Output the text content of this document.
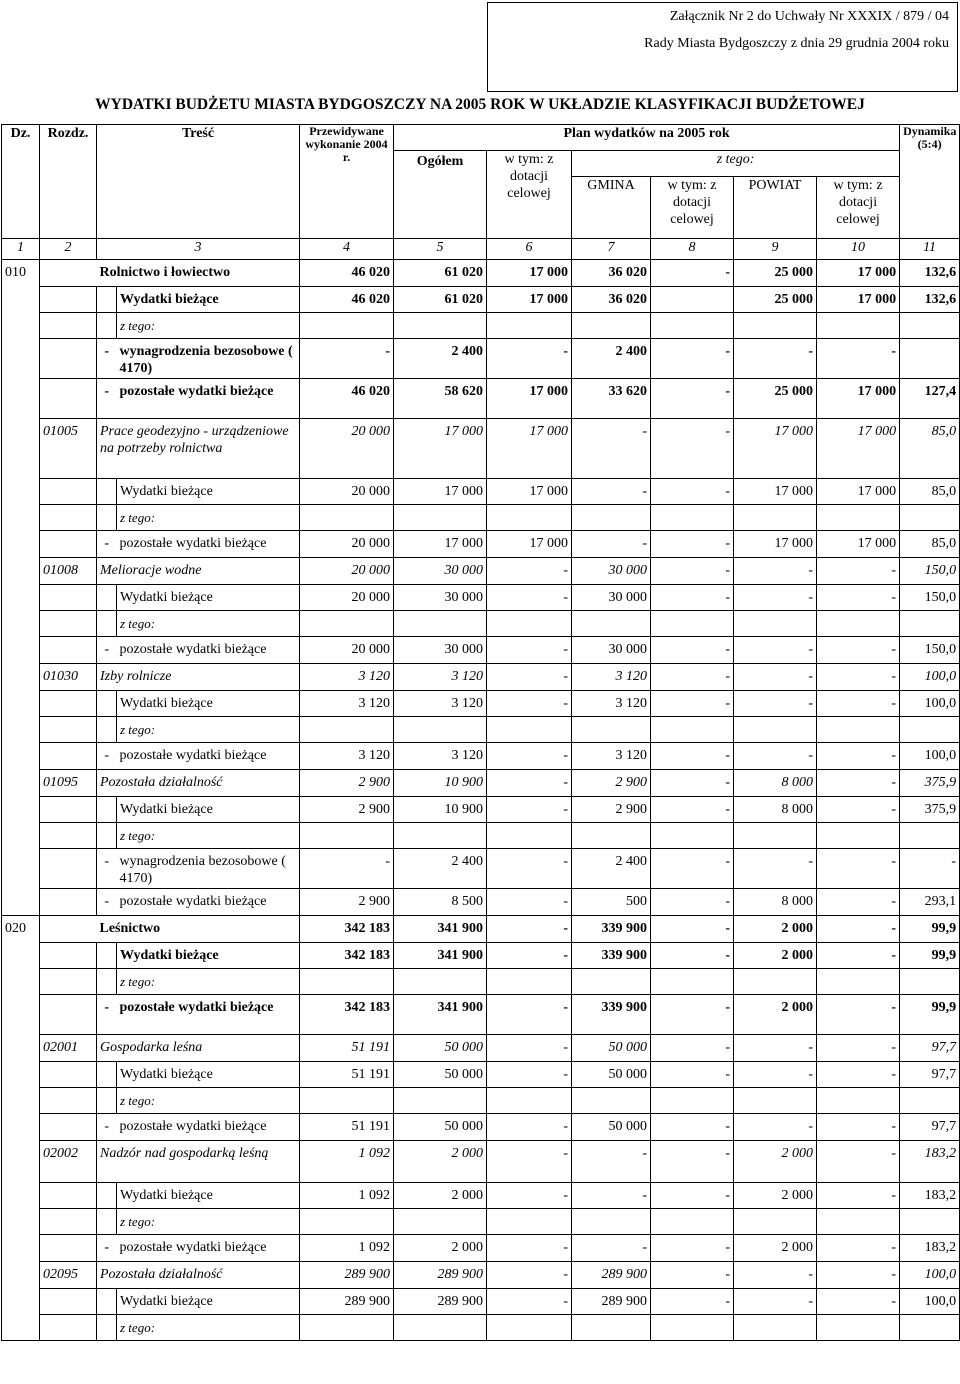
Załącznik Nr 2 do Uchwały Nr XXXIX / 879 / 04
Rady Miasta Bydgoszczy z dnia 29 grudnia 2004 roku
WYDATKI BUDŻETU MIASTA BYDGOSZCZY NA 2005 ROK W UKŁADZIE KLASYFIKACJI BUDŻETOWEJ
Dz.	Rozdz.	Treść		Przewidywane wykonanie 2004 r.	Plan wydatków na 2005 rok						Dynamika (5:4)
					Ogółem	w tym: z dotacji celowej	z tego:				
							GMINA	w tym: z dotacji celowej	POWIAT	w tym: z dotacji celowej	
1	2	3		4	5	6	7	8	9	10	11
010		Rolnictwo i łowiectwo		46 020	61 020	17 000	36 020	-	25 000	17 000	132,6
			Wydatki bieżące	46 020	61 020	17 000	36 020		25 000	17 000	132,6
			z tego:								
		-	wynagrodzenia bezosobowe ( 4170)	-	2 400	-	2 400	-	-	-	
		-	pozostałe wydatki bieżące	46 020	58 620	17 000	33 620	-	25 000	17 000	127,4
	01005	Prace geodezyjno - urządzeniowe na potrzeby rolnictwa		20 000	17 000	17 000	-	-	17 000	17 000	85,0
			Wydatki bieżące	20 000	17 000	17 000	-	-	17 000	17 000	85,0
			z tego:								
		-	pozostałe wydatki bieżące	20 000	17 000	17 000	-	-	17 000	17 000	85,0
	01008	Melioracje wodne		20 000	30 000	-	30 000	-	-	-	150,0
			Wydatki bieżące	20 000	30 000	-	30 000	-	-	-	150,0
			z tego:								
		-	pozostałe wydatki bieżące	20 000	30 000	-	30 000	-	-	-	150,0
	01030	Izby rolnicze		3 120	3 120	-	3 120	-	-	-	100,0
			Wydatki bieżące	3 120	3 120	-	3 120	-	-	-	100,0
			z tego:								
		-	pozostałe wydatki bieżące	3 120	3 120	-	3 120	-	-	-	100,0
	01095	Pozostała działalność		2 900	10 900	-	2 900	-	8 000	-	375,9
			Wydatki bieżące	2 900	10 900	-	2 900	-	8 000	-	375,9
			z tego:								
		-	wynagrodzenia bezosobowe ( 4170)	-	2 400	-	2 400	-	-	-	-
		-	pozostałe wydatki bieżące	2 900	8 500	-	500	-	8 000	-	293,1
020		Leśnictwo		342 183	341 900	-	339 900	-	2 000	-	99,9
			Wydatki bieżące	342 183	341 900	-	339 900	-	2 000	-	99,9
			z tego:								
		-	pozostałe wydatki bieżące	342 183	341 900	-	339 900	-	2 000	-	99,9
	02001	Gospodarka leśna		51 191	50 000	-	50 000	-	-	-	97,7
			Wydatki bieżące	51 191	50 000	-	50 000	-	-	-	97,7
			z tego:								
		-	pozostałe wydatki bieżące	51 191	50 000	-	50 000	-	-	-	97,7
	02002	Nadzór nad gospodarką leśną		1 092	2 000	-	-	-	2 000	-	183,2
			Wydatki bieżące	1 092	2 000	-	-	-	2 000	-	183,2
			z tego:								
		-	pozostałe wydatki bieżące	1 092	2 000	-	-	-	2 000	-	183,2
	02095	Pozostała działalność		289 900	289 900	-	289 900	-	-	-	100,0
			Wydatki bieżące	289 900	289 900	-	289 900	-	-	-	100,0
			z tego:								
